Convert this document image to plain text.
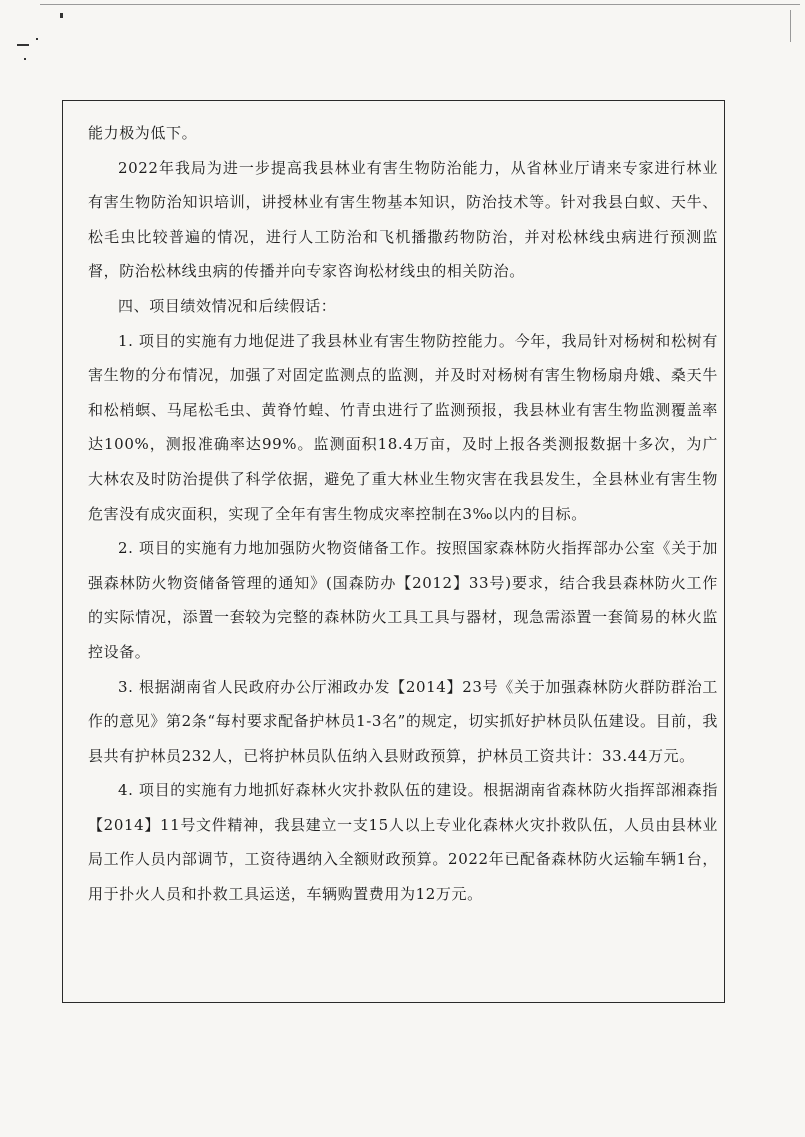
能力极为低下。

2022年我局为进一步提高我县林业有害生物防治能力，从省林业厅请来专家进行林业有害生物防治知识培训，讲授林业有害生物基本知识，防治技术等。针对我县白蚁、天牛、松毛虫比较普遍的情况，进行人工防治和飞机播撒药物防治，并对松林线虫病进行预测监督，防治松林线虫病的传播并向专家咨询松材线虫的相关防治。

四、项目绩效情况和后续假话：

1. 项目的实施有力地促进了我县林业有害生物防控能力。今年，我局针对杨树和松树有害生物的分布情况，加强了对固定监测点的监测，并及时对杨树有害生物杨扇舟娥、桑天牛和松梢螟、马尾松毛虫、黄脊竹蝗、竹青虫进行了监测预报，我县林业有害生物监测覆盖率达100%，测报准确率达99%。监测面积18.4万亩，及时上报各类测报数据十多次，为广大林农及时防治提供了科学依据，避免了重大林业生物灾害在我县发生，全县林业有害生物危害没有成灾面积，实现了全年有害生物成灾率控制在3‰以内的目标。

2. 项目的实施有力地加强防火物资储备工作。按照国家森林防火指挥部办公室《关于加强森林防火物资储备管理的通知》(国森防办【2012】33号)要求，结合我县森林防火工作的实际情况，添置一套较为完整的森林防火工具工具与器材，现急需添置一套简易的林火监控设备。

3. 根据湖南省人民政府办公厅湘政办发【2014】23号《关于加强森林防火群防群治工作的意见》第2条“每村要求配备护林员1-3名”的规定，切实抓好护林员队伍建设。目前，我县共有护林员232人，已将护林员队伍纳入县财政预算，护林员工资共计：33.44万元。

4. 项目的实施有力地抓好森林火灾扑救队伍的建设。根据湖南省森林防火指挥部湘森指【2014】11号文件精神，我县建立一支15人以上专业化森林火灾扑救队伍，人员由县林业局工作人员内部调节，工资待遇纳入全额财政预算。2022年已配备森林防火运输车辆1台，用于扑火人员和扑救工具运送，车辆购置费用为12万元。
